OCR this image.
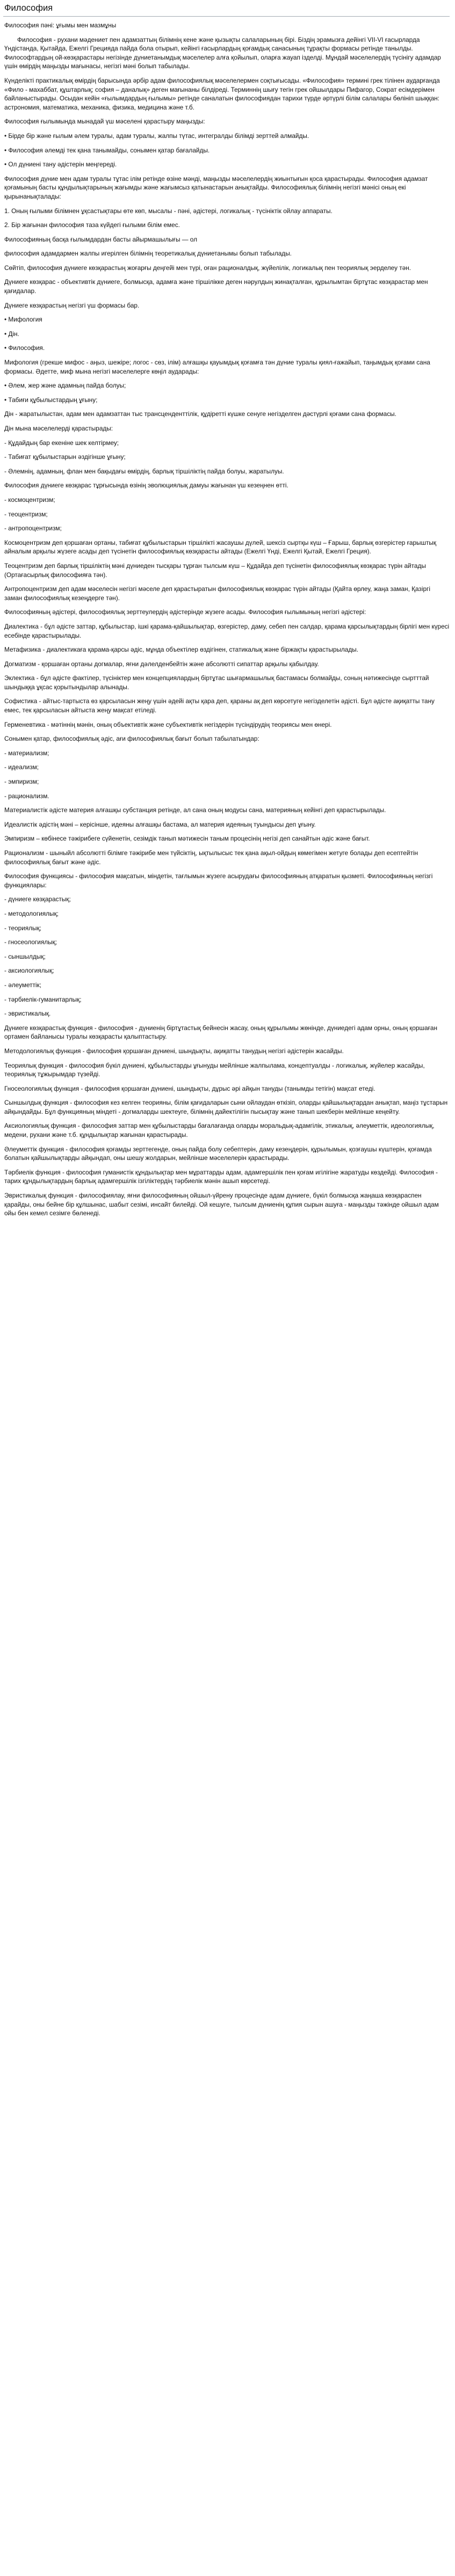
Философия

Философия пәні: ұғымы мен мазмұны

Философия - рухани мәдениет пен адамзаттың білімнің кене және қызықты салаларының бірі. Біздің эрамызға дейінгі VII-VI ғасырларда Үндістанда, Қытайда, Ежелгі Грецияда пайда бола отырып, кейінгі ғасырлардың қоғамдық санасының тұрақты формасы ретінде танылды. Философтардың ой-көзқарастары негізінде дүниетанымдық мәселелер алға қойылып, оларға жауап ізделді. Мұндай мәселелердің түсінігу адамдар үшін өмірдің маңызды мағынасы, негізгі мәні болып табылады.

Күнделікті практикалық өмірдің барысында әрбір адам философиялық мәселелермен соқтығысады. «Философия» термині грек тілінен аударғанда «Фило - махаббат, құштарлық; софия – даналық» деген мағынаны білдіреді. Терминнің шығу тегін грек ойшылдары Пифагор, Сократ есімдерімен байланыстырады. Осыдан кейін «ғылымдардың ғылымы» ретінде саналатын философиядан тарихи түрде әртүрлі білім салалары бөлініп шыққан: астрономия, математика, механика, физика, медицина және т.б.

Философия ғылымында мынадай үш мәселені қарастыру маңызды:

• Бірде бір және ғылым әлем туралы, адам туралы, жалпы түтас, интегралды білімді зерттей алмайды.

• Философия әлемді тек қана танымайды, сонымен қатар бағалайды.

• Ол дүниені тану әдістерін меңгереді.

Философия дүние мен адам туралы тұтас ілім ретінде өзіне мәнді, маңызды мәселелердің жиынтығын қоса қарастырады. Философия адамзат қоғамының басты құндылықтарының жағымды және жағымсыз қатынастарын анықтайды. Философиялық білімнің негізгі мәнісі оның екі қырынанықталады:

1. Оның ғылыми білімнен ұқсастықтары өте көп, мысалы - пәні, әдістері, логикалық - түсініктік ойлау аппараты.

2. Бір жағынан философия таза күйдегі ғылыми білім емес.

Философияның басқа ғылымдардан басты айырмашылығы — ол

философия адамдармен жалпы игерілген білімнің теоретикалық дүниетанымы болып табылады.

Сөйтіп, философия дүниеге көзқарастың жоғарғы деңгейі мен түрі, оған рационалдық, жүйелілік, логикалық пен теориялық эерделеу тән.

Дүниеге көзқарас - объективтік дүниеге, болмысқа, адамға және тіршілікке деген нәрулдың жинақталған, құрылымтан біртұтас көзқарастар мен қағидалар.

Дүниеге көзқарастың негізгі үш формасы бар.

• Мифология

• Дін.

• Философия.

Мифология (грекше мифос - аңыз, шежіре; логос - сөз, ілім) алғашқы қауымдық қоғамға тән дүние туралы қиял-ғажайып, таңымдық қоғами сана формасы. Әдетте, миф мына негізгі мәселелерге көңіл аударады:

• Әлем, жер және адамның пайда болуы;

• Табиғи құбылыстардың ұғыну;

Дін - жаратылыстан, адам мен адамзаттан тыс трансценденттілік, құдіретті күшке сенуге негізделген дәстүрлі қоғами сана формасы.

Дін мына мәселелерді қарастырады:

- Құдайдың бар екеніне шек келтірмеу;

- Табиғат құбылыстарын әздігінше ұғыну;

- Әлемнің, адамның, флан мен бақыдағы өмірдің, барлық тіршіліктің пайда болуы, жаратылуы.

Философия дүниеге көзқарас тұрғысында өзінің эволюциялық дамуы жағынан үш кезеңнен өтті.

- космоцентризм;

- теоцентризм;

- антропоцентризм;

Космоцентризм деп қоршаған ортаны, табиғат құбылыстарын тіршілікті жасаушы дүлей, шексіз сыртқы күш – Ғарыш, барлық өзгерістер ғарыштық айналым арқылы жүзеге асады деп түсінетін философиялық көзқарасты айтады (Ежелгі Үнді, Ежелгі Қытай, Ежелгі Греция).

Теоцентризм деп барлық тіршіліктің мәні дүниеден тысқары тұрған тылсым күш – Құдайда деп түсінетін философиялық көзқарас түрін айтады (Ортағасырлық философияға тән).

Антропоцентризм деп адам мәселесін негізгі мәселе деп қарастыратын философиялық көзқарас түрін айтады (Қайта өрлеу, жаңа заман, Қазіргі заман философиялық кезеңдерге тән).

Философияның әдістері, философиялық зерттеулердің әдістерінде жүзеге асады. Философия ғылымының негізгі әдістері:

Диалектика - бұл әдісте заттар, құбылыстар, ішкі қарама-қайшылықтар, өзгерістер, даму, себеп пен салдар, қарама қарсылықтардың бірлігі мен күресі есебінде қарастырылады.

Метафизика - диалектикаға қарама-қарсы әдіс, мұнда объектілер өздігінен, статикалық және біржақты қарастырылады.

Догматизм - қоршаған ортаны догмалар, яғни дәлелденбейтін және абсолютті сипаттар арқылы қабылдау.

Эклектика - бұл әдісте фактілер, түсініктер мен концепциялардың біртұтас шығармашылық бастамасы болмайды, соның нәтижесінде сыртттай шындыққа ұқсас қорытындылар алынады.

Софистика - айтыс-тартыста өз қарсыласын жеңу үшін әдейі ақты қара деп, қараны ақ деп көрсетуге негізделетін әдісті. Бұл әдісте ақиқатты тану емес, тек қарсыласын айтыста жеңу мақсат етіледі.

Герменевтика - мәтіннің мәнін, оның объективтік және субъективтік негіздерін түсіндірудің теориясы мен өнері.

Сонымен қатар, философиялық әдіс, ағи философиялық бағыт болып табылатындар:

- материализм;

- идеализм;

- эмпиризм;

- рационализм.

Материалистік әдісте материя алғашқы субстанция ретінде, ал сана оның модусы сана, материяның кейінгі деп қарастырылады.

Идеалистік әдістің мәні – керісінше, идеяны алғашқы бастама, ал материя идеяның туындысы деп ұғыну.

Эмпиризм – көбінесе тәжірибеге сүйенетін, сезімдік танып мәтижесін таным процесінің негізі деп санайтын әдіс және бағыт.

Рационализм - шыныйл абсолютті білімге тәжірибе мен түйсіктің, ықтылысыс тек қана ақыл-ойдың көмегімен жетуге болады деп есептейтін философиялық бағыт және әдіс.

Философия функциясы - философия мақсатын, міндетін, тағлымын жүзеге асырудағы философияның атқаратын қызметі. Философияның негізгі функциялары:

- дүниеге көзқарастық;

- методологиялық;

- теориялық;

- гносеологиялық;

- сыншылдық;

- аксиологиялық;

- әлеуметтік;

- тәрбиелік-гуманитарлық;

- эвристикалық.

Дүниеге көзқарастық функция - философия - дүниенің біртұтастық бейнесін жасау, оның құрылымы жөнінде, дүниедегі адам орны, оның қоршаған ортамен байланысы туралы көзқарасты қалыптастыру.

Методологиялық функция - философия қоршаған дүниені, шындықты, ақиқатты танудың негізгі әдістерін жасайды.

Теориялық функция - философия бүкіл дүниені, құбылыстарды ұғынуды мейлінше жалпылама, концептуалды - логикалық, жүйелер жасайды, теориялық тұжырымдар түзейді.

Гносеологиялық функция - философия қоршаған дүниені, шындықты, дұрыс әрі айқын тануды (танымды тетігін) мақсат етеді.

Сыншылдық функция - философия кез келген теорияны, білім қағидаларын сыни ойлаудан өткізіп, оларды қайшылықтардан анықтап, маңіз тұстарын айқындайды. Бұл функцияның міндеті - догмаларды шектеуге, білімнің дайектілігін пысықтау және танып шекберін мейлінше кеңейту.

Аксиологиялық функция - философия заттар мен құбылыстарды бағалағанда оларды моральдық-адамгілік, этикалық, әлеуметтік, идеологиялық, медени, рухани және т.б. құндылықтар жағынан қарастырады.

Әлеуметтік функция - философия қоғамды зерттегенде, оның пайда болу себептерін, даму кезеңдерін, құрылымын, қозғаушы күштерін, қоғамда болатын қайшылықтарды айқындап, оны шешу жолдарын, мейлінше мәселелерін қарастырады.

Тәрбиелік функция - философия гуманистік құндылықтар мен мұраттарды адам, адамгершілік пен қоғам игілігіне жаратуды көздейді. Философия - тарих құндылықтардың барлық адамгершілік ізгіліктердің тәрбиелік мәнін ашып көрсетеді.

Эвристикалық функция - философиялау, яғни философияның ойшыл-үйрену процесінде адам дүниеге, бүкіл болмысқа жаңаша көзқараспен қарайды, оны бейне бір құлшынас, шабыт сезімі, инсайт билейді. Ой кешуге, тылсым дүниенің құпия сырын ашуға - маңызды тәжінде ойшыл адам ойы бен кемел сезімге бөленеді.
